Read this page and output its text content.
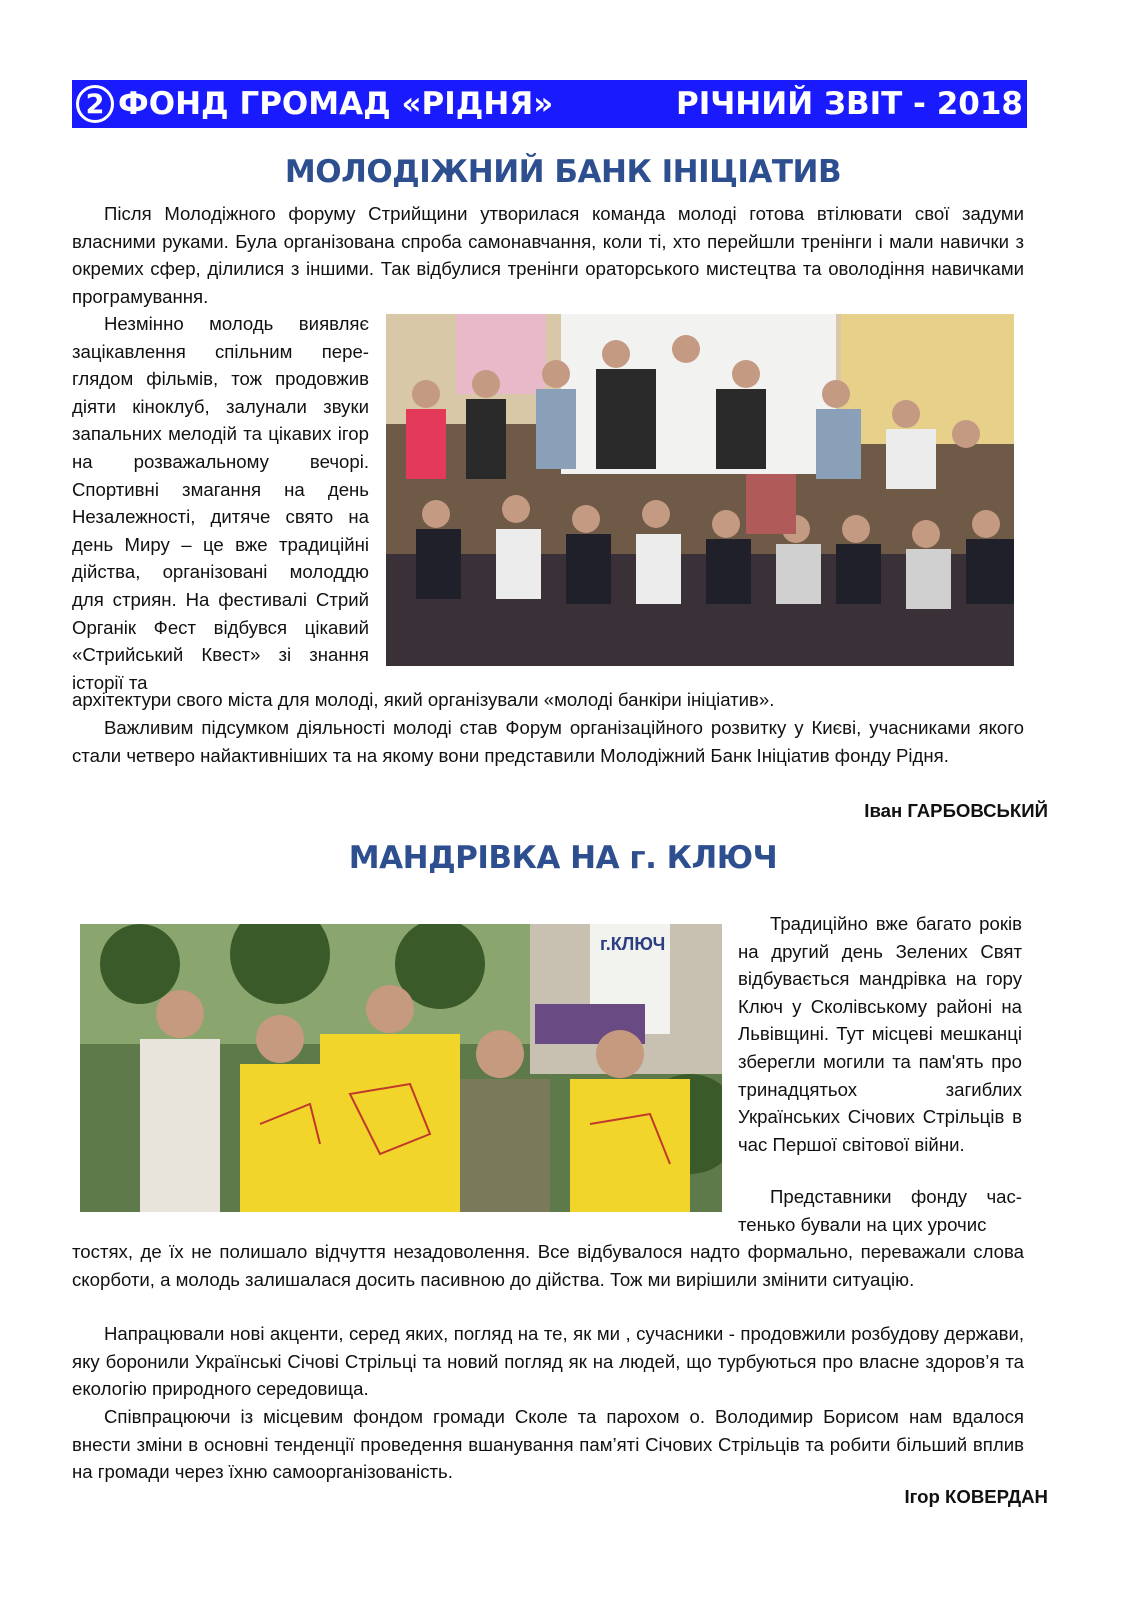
2 ФОНД ГРОМАД «РІДНЯ»	РІЧНИЙ ЗВІТ - 2018
МОЛОДІЖНИЙ БАНК ІНІЦІАТИВ

Після Молодіжного форуму Стрийщини утворилася команда молоді готова втілювати свої задуми власними руками. Була організована спроба самонавчання, коли ті, хто перейшли тренінги і мали навички з окремих сфер, ділилися з іншими. Так відбулися тренінги ораторського мистецтва та оволодіння навичками програмування.

Незмінно молодь виявляє зацікавлення спільним переглядом фільмів, тож продовжив діяти кіноклуб, залунали звуки запальних мелодій та цікавих ігор на розважальному вечорі. Спортивні змагання на день Незалежності, дитяче свято на день Миру – це вже традиційні дійства, організовані молоддю для стриян. На фестивалі Стрий Органік Фест відбувся цікавий «Стрийський Квест» зі знання історії та

архітектури свого міста для молоді, який організували «молоді банкіри ініціатив».

Важливим підсумком діяльності молоді став Форум організаційного розвитку у Києві, учасниками якого стали четверо найактивніших та на якому вони представили Молодіжний Банк Ініціатив фонду Рідня.

Іван ГАРБОВСЬКИЙ
МАНДРІВКА НА г. КЛЮЧ
г.КЛЮЧ

Традиційно вже багато років на другий день Зелених Свят відбувається мандрівка на гору Ключ у Сколівському районі на Львівщині. Тут місцеві мешканці зберегли могили та пам'ять про тринадцятьох загиблих Українських Січових Стрільців в час Першої світової війни.

Представники фонду частенько бували на цих урочис

тостях, де їх не полишало відчуття незадоволення. Все відбувалося надто формально, переважали слова скорботи, а молодь залишалася досить пасивною до дійства. Тож ми вирішили змінити ситуацію.

Напрацювали нові акценти, серед яких, погляд на те, як ми , сучасники - продовжили розбудову держави, яку боронили Українські Січові Стрільці та новий погляд як на людей, що турбуються про власне здоров’я та екологію природного середовища.

Співпрацюючи із місцевим фондом громади Сколе та парохом о. Володимир Борисом нам вдалося внести зміни в основні тенденції проведення вшанування пам’яті Січових Стрільців та робити більший вплив на громади через їхню самоорганізованість.

Ігор КОВЕРДАН
